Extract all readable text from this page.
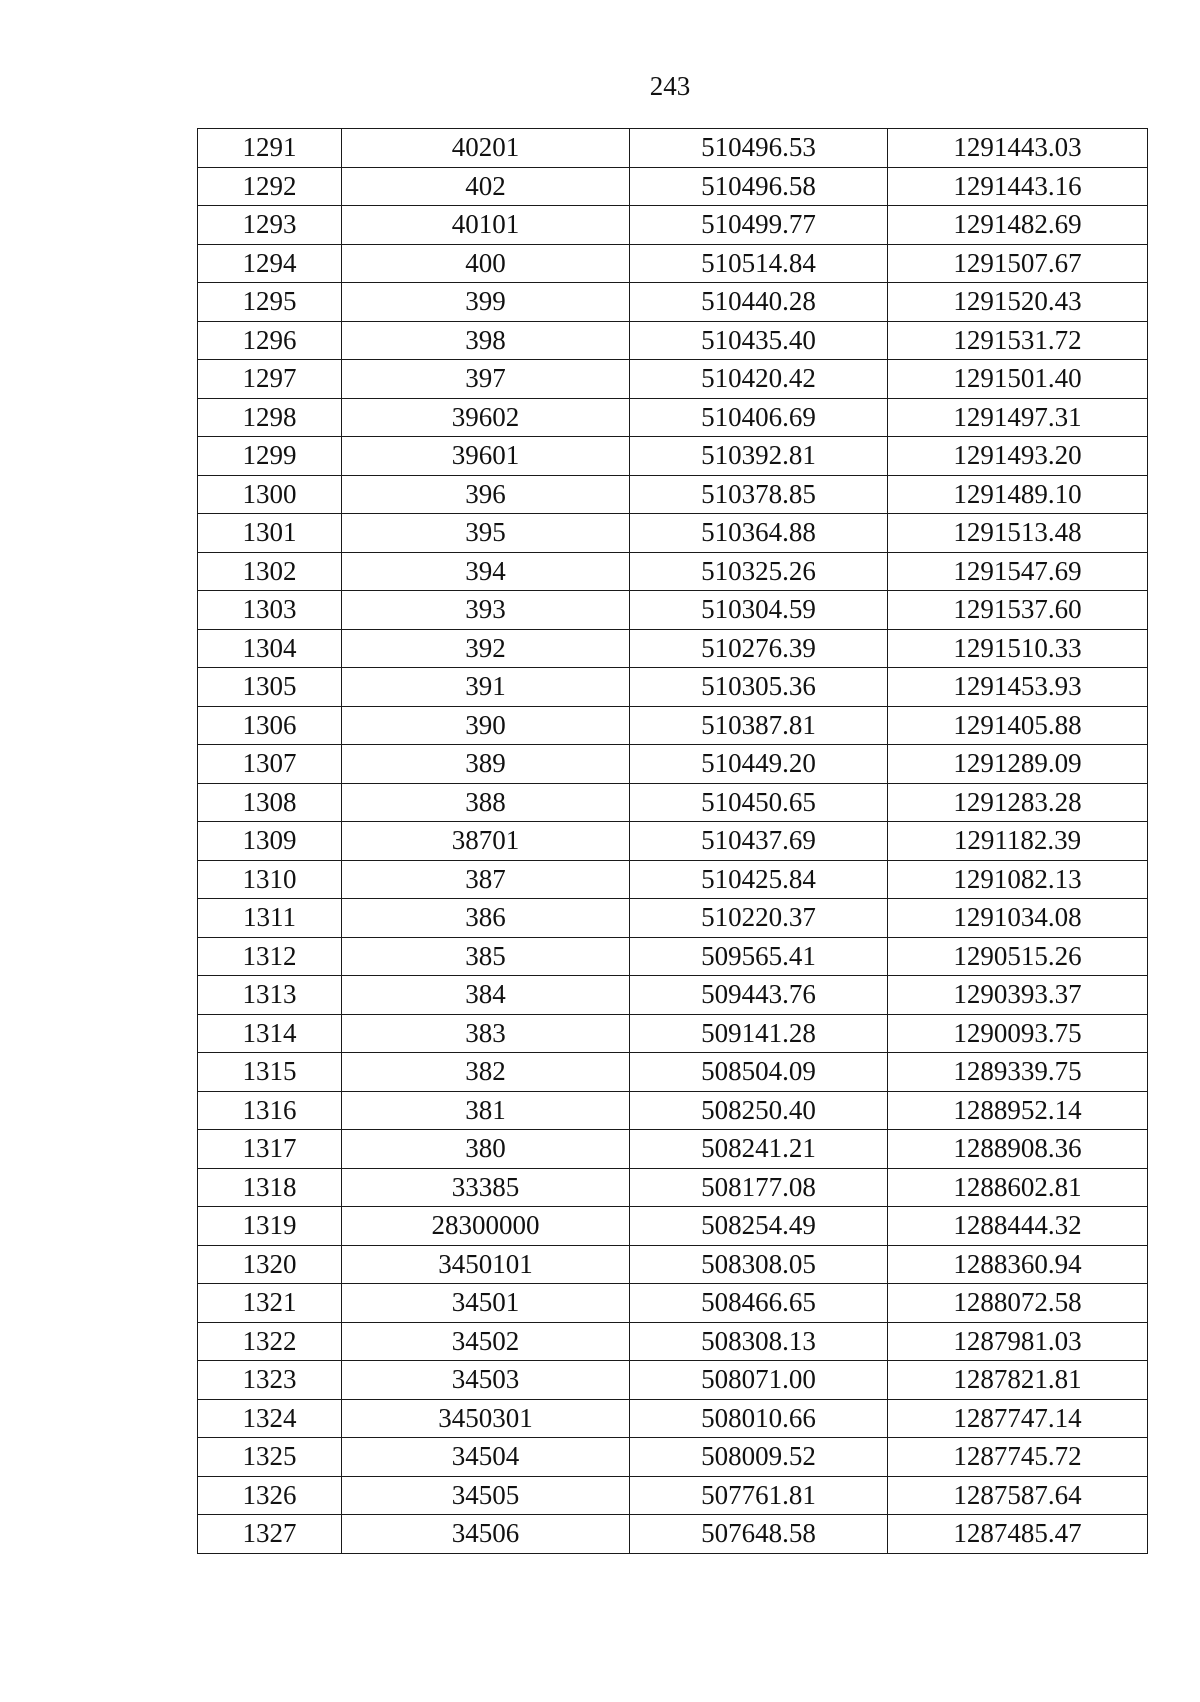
243
1291	40201	510496.53	1291443.03
1292	402	510496.58	1291443.16
1293	40101	510499.77	1291482.69
1294	400	510514.84	1291507.67
1295	399	510440.28	1291520.43
1296	398	510435.40	1291531.72
1297	397	510420.42	1291501.40
1298	39602	510406.69	1291497.31
1299	39601	510392.81	1291493.20
1300	396	510378.85	1291489.10
1301	395	510364.88	1291513.48
1302	394	510325.26	1291547.69
1303	393	510304.59	1291537.60
1304	392	510276.39	1291510.33
1305	391	510305.36	1291453.93
1306	390	510387.81	1291405.88
1307	389	510449.20	1291289.09
1308	388	510450.65	1291283.28
1309	38701	510437.69	1291182.39
1310	387	510425.84	1291082.13
1311	386	510220.37	1291034.08
1312	385	509565.41	1290515.26
1313	384	509443.76	1290393.37
1314	383	509141.28	1290093.75
1315	382	508504.09	1289339.75
1316	381	508250.40	1288952.14
1317	380	508241.21	1288908.36
1318	33385	508177.08	1288602.81
1319	28300000	508254.49	1288444.32
1320	3450101	508308.05	1288360.94
1321	34501	508466.65	1288072.58
1322	34502	508308.13	1287981.03
1323	34503	508071.00	1287821.81
1324	3450301	508010.66	1287747.14
1325	34504	508009.52	1287745.72
1326	34505	507761.81	1287587.64
1327	34506	507648.58	1287485.47
